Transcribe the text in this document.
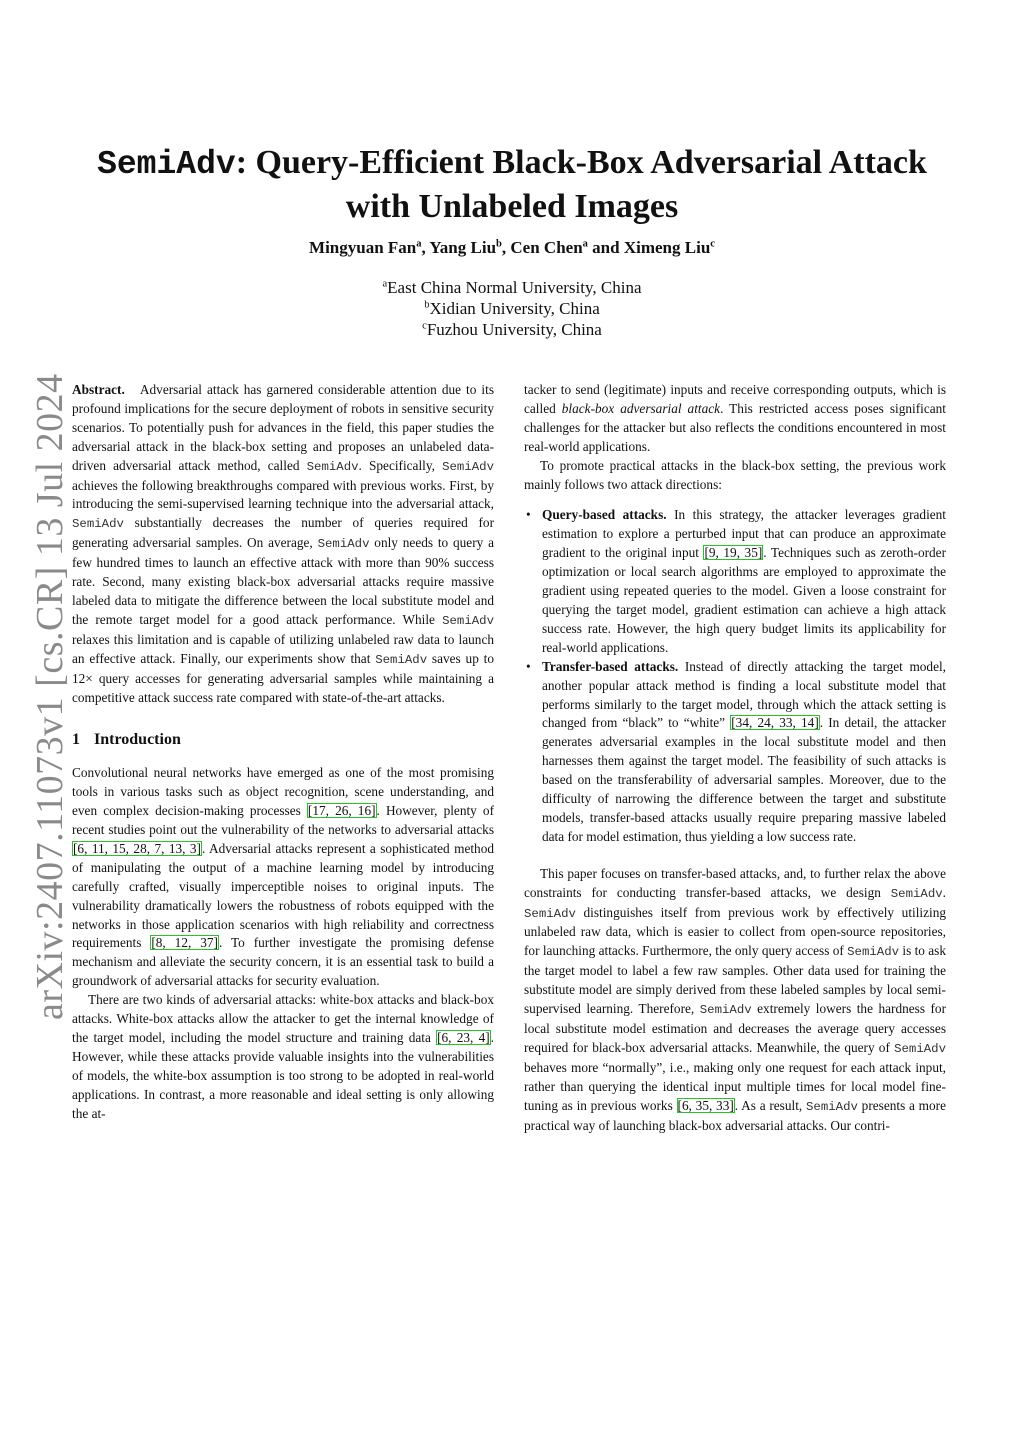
arXiv:2407.11073v1 [cs.CR] 13 Jul 2024
SemiAdv: Query-Efficient Black-Box Adversarial Attack
with Unlabeled Images
Mingyuan Fan$^a$, Yang Liu$^b$, Cen Chen$^a$ and Ximeng Liu$^c$
$^a$East China Normal University, China
$^b$Xidian University, China
$^c$Fuzhou University, China

Abstract. Adversarial attack has garnered considerable attention due to its profound implications for the secure deployment of robots in sensitive security scenarios. To potentially push for advances in the field, this paper studies the adversarial attack in the black-box setting and proposes an unlabeled data-driven adversarial attack method, called SemiAdv. Specifically, SemiAdv achieves the following breakthroughs compared with previous works. First, by introducing the semi-supervised learning technique into the adversarial attack, SemiAdv substantially decreases the number of queries required for generating adversarial samples. On average, SemiAdv only needs to query a few hundred times to launch an effective attack with more than 90% success rate. Second, many existing black-box adversarial attacks require massive labeled data to mitigate the difference between the local substitute model and the remote target model for a good attack performance. While SemiAdv relaxes this limitation and is capable of utilizing unlabeled raw data to launch an effective attack. Finally, our experiments show that SemiAdv saves up to 12× query accesses for generating adversarial samples while maintaining a competitive attack success rate compared with state-of-the-art attacks.

1 Introduction

Convolutional neural networks have emerged as one of the most promising tools in various tasks such as object recognition, scene understanding, and even complex decision-making processes [17, 26, 16]. However, plenty of recent studies point out the vulnerability of the networks to adversarial attacks [6, 11, 15, 28, 7, 13, 3]. Adversarial attacks represent a sophisticated method of manipulating the output of a machine learning model by introducing carefully crafted, visually imperceptible noises to original inputs. The vulnerability dramatically lowers the robustness of robots equipped with the networks in those application scenarios with high reliability and correctness requirements [8, 12, 37]. To further investigate the promising defense mechanism and alleviate the security concern, it is an essential task to build a groundwork of adversarial attacks for security evaluation.

There are two kinds of adversarial attacks: white-box attacks and black-box attacks. White-box attacks allow the attacker to get the internal knowledge of the target model, including the model structure and training data [6, 23, 4]. However, while these attacks provide valuable insights into the vulnerabilities of models, the white-box assumption is too strong to be adopted in real-world applications. In contrast, a more reasonable and ideal setting is only allowing the at-

tacker to send (legitimate) inputs and receive corresponding outputs, which is called black-box adversarial attack. This restricted access poses significant challenges for the attacker but also reflects the conditions encountered in most real-world applications.

To promote practical attacks in the black-box setting, the previous work mainly follows two attack directions:

• Query-based attacks. In this strategy, the attacker leverages gradient estimation to explore a perturbed input that can produce an approximate gradient to the original input [9, 19, 35]. Techniques such as zeroth-order optimization or local search algorithms are employed to approximate the gradient using repeated queries to the model. Given a loose constraint for querying the target model, gradient estimation can achieve a high attack success rate. However, the high query budget limits its applicability for real-world applications.
• Transfer-based attacks. Instead of directly attacking the target model, another popular attack method is finding a local substitute model that performs similarly to the target model, through which the attack setting is changed from “black” to “white” [34, 24, 33, 14]. In detail, the attacker generates adversarial examples in the local substitute model and then harnesses them against the target model. The feasibility of such attacks is based on the transferability of adversarial samples. Moreover, due to the difficulty of narrowing the difference between the target and substitute models, transfer-based attacks usually require preparing massive labeled data for model estimation, thus yielding a low success rate.

This paper focuses on transfer-based attacks, and, to further relax the above constraints for conducting transfer-based attacks, we design SemiAdv. SemiAdv distinguishes itself from previous work by effectively utilizing unlabeled raw data, which is easier to collect from open-source repositories, for launching attacks. Furthermore, the only query access of SemiAdv is to ask the target model to label a few raw samples. Other data used for training the substitute model are simply derived from these labeled samples by local semi-supervised learning. Therefore, SemiAdv extremely lowers the hardness for local substitute model estimation and decreases the average query accesses required for black-box adversarial attacks. Meanwhile, the query of SemiAdv behaves more “normally”, i.e., making only one request for each attack input, rather than querying the identical input multiple times for local model fine-tuning as in previous works [6, 35, 33]. As a result, SemiAdv presents a more practical way of launching black-box adversarial attacks. Our contri-
